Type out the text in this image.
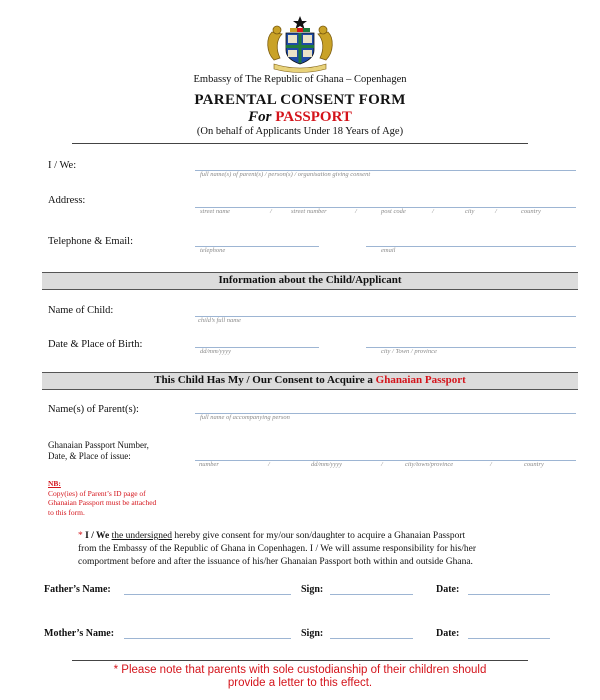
Embassy of The Republic of Ghana – Copenhagen
PARENTAL CONSENT FORM
For PASSPORT
(On behalf of Applicants Under 18 Years of Age)
I / We:
full name(s) of parent(s) / person(s) / organisation giving consent
Address:
street name	/	street number	/	post code	/	city	/	country
Telephone & Email:
telephone	email
Information about the Child/Applicant
Name of Child:
child’s full name
Date & Place of Birth:
dd/mm/yyyy	city / Town / province
This Child Has My / Our Consent to Acquire a Ghanaian Passport
Name(s) of Parent(s):
full name of accompanying person
Ghanaian Passport Number,
Date, & Place of issue:
number	/	dd/mm/yyyy	/	city/town/province	/	country
NB:
Copy(ies) of Parent’s ID page of
Ghanaian Passport must be attached
to this form.
* I / We the undersigned hereby give consent for my/our son/daughter to acquire a Ghanaian Passport
from the Embassy of the Republic of Ghana in Copenhagen. I / We will assume responsibility for his/her
comportment before and after the issuance of his/her Ghanaian Passport both within and outside Ghana.
Father’s Name:	Sign:	Date:
Mother’s Name:	Sign:	Date:
* Please note that parents with sole custodianship of their children should
provide a letter to this effect.
